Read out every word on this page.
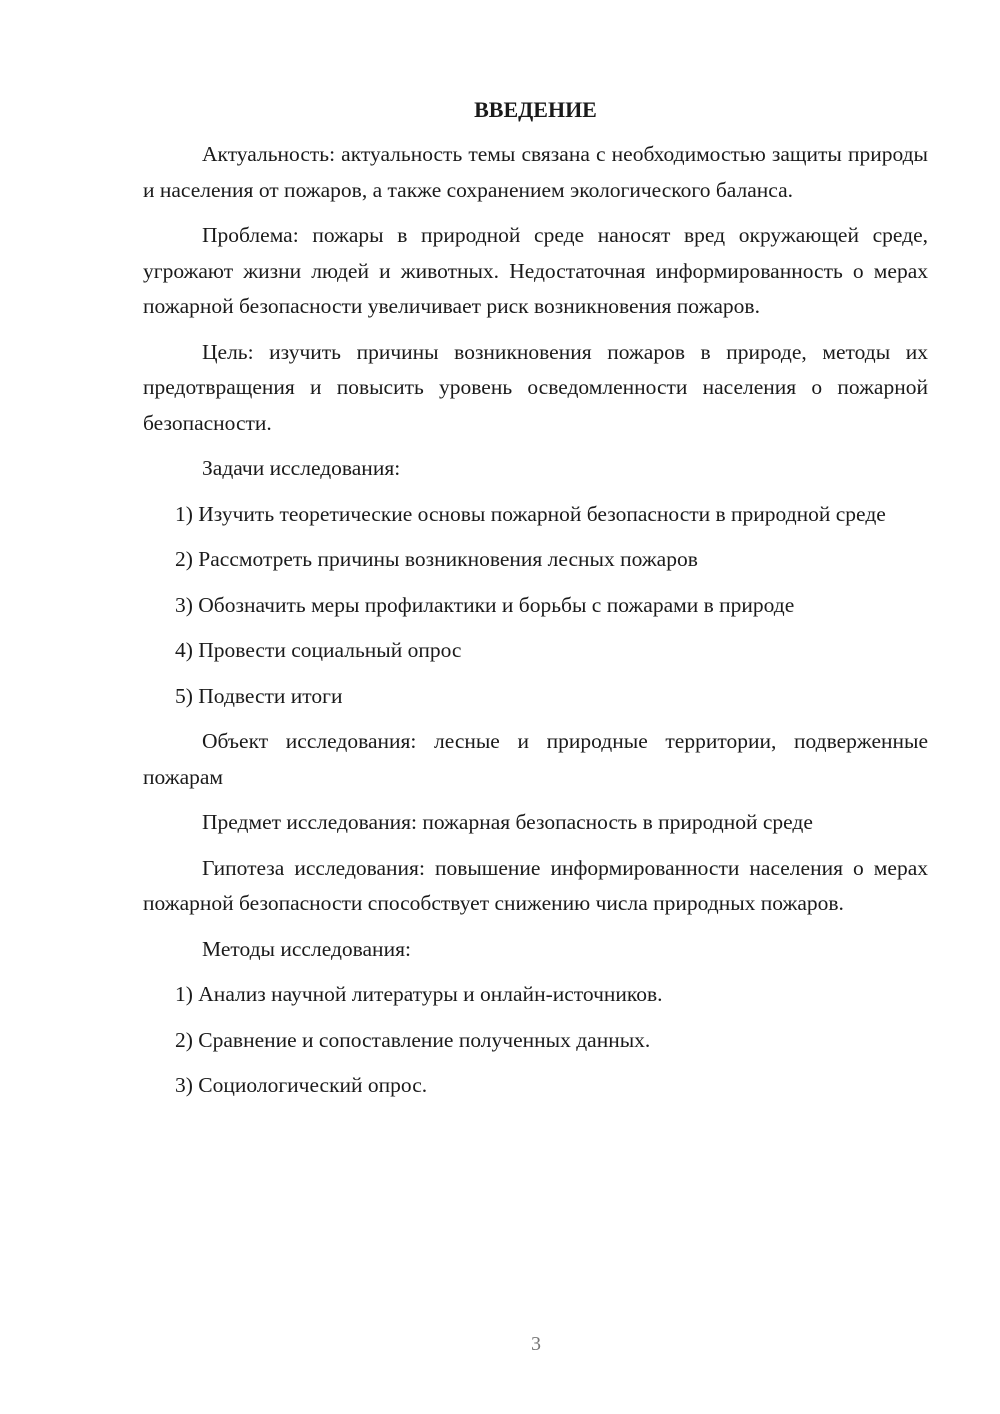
ВВЕДЕНИЕ

Актуальность: актуальность темы связана с необходимостью защиты природы и населения от пожаров, а также сохранением экологического баланса.

Проблема: пожары в природной среде наносят вред окружающей среде, угрожают жизни людей и животных. Недостаточная информированность о мерах пожарной безопасности увеличивает риск возникновения пожаров.

Цель: изучить причины возникновения пожаров в природе, методы их предотвращения и повысить уровень осведомленности населения о пожарной безопасности.

Задачи исследования:

1) Изучить теоретические основы пожарной безопасности в природной среде

2) Рассмотреть причины возникновения лесных пожаров

3) Обозначить меры профилактики и борьбы с пожарами в природе

4) Провести социальный опрос

5) Подвести итоги

Объект исследования: лесные и природные территории, подверженные пожарам

Предмет исследования: пожарная безопасность в природной среде

Гипотеза исследования: повышение информированности населения о мерах пожарной безопасности способствует снижению числа природных пожаров.

Методы исследования:

1) Анализ научной литературы и онлайн-источников.

2) Сравнение и сопоставление полученных данных.

3) Социологический опрос.

3
